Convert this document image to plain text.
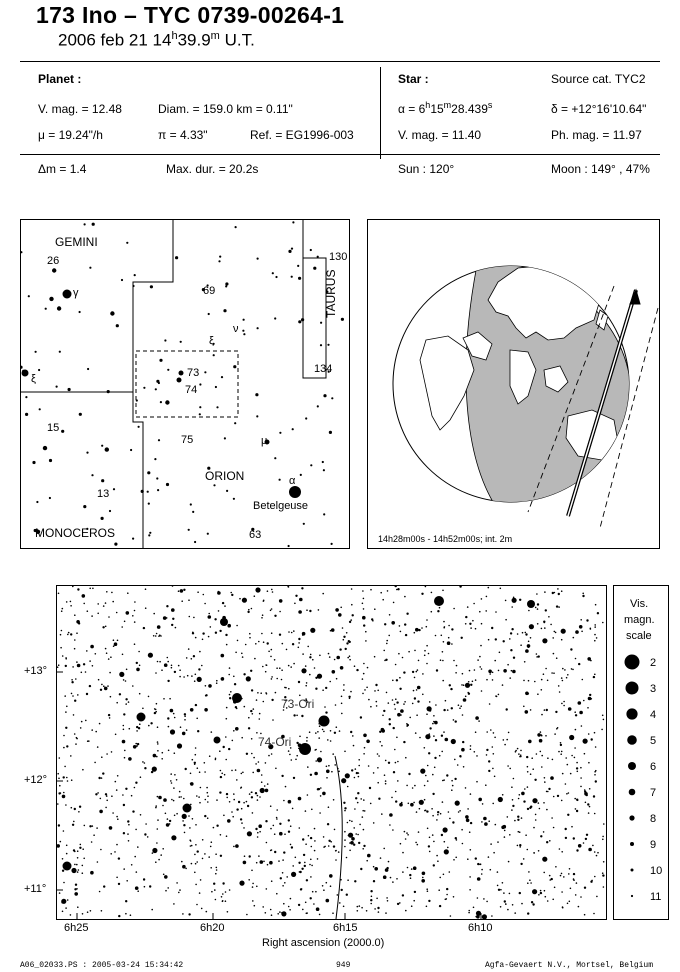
173 Ino – TYC 0739-00264-1
2006 feb 21 14$^h$39.9$^m$ U.T.
Planet :
V. mag. = 12.48	Diam. = 159.0 km = 0.11"
μ = 19.24"/h	π = 4.33"	Ref. = EG1996-003
Star :	Source cat. TYC2
$\alpha = 6^h15^m28.439^s$	δ = +12°16'10.64"
V. mag. = 11.40	Ph. mag. = 11.97
Δm = 1.4	Max. dur. = 20.2s	Sun : 120°	Moon : 149° , 47%
GEMINI
ORION
MONOCEROS
TAURUS
Betelgeuse
α
26
γ	69
ν
ξ
ξ	73
74
75	μ
15
13
63
130
134
14h28m00s - 14h52m00s; int. 2m
73-Ori
74-Ori
+13°
+12°
+11°
6h25	6h20	6h15	6h10
Right ascension (2000.0)
Vis.
magn.
scale
2
3
4
5
6
7
8
9
10
11
A06_02033.PS : 2005-03-24 15:34:42	949	Agfa-Gevaert N.V., Mortsel, Belgium
